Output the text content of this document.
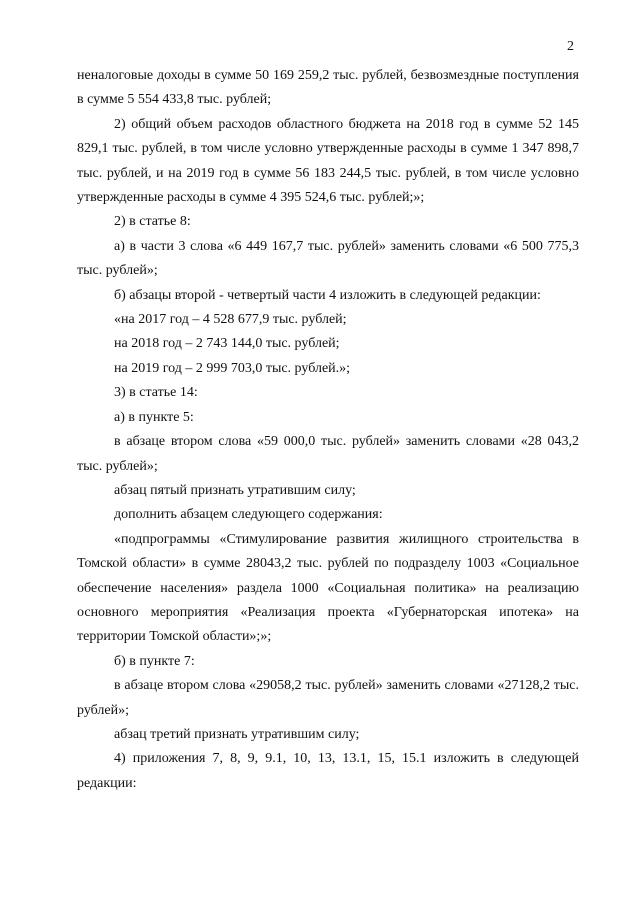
2

неналоговые доходы в сумме 50 169 259,2 тыс. рублей, безвозмездные поступления в сумме 5 554 433,8 тыс. рублей;

2) общий объем расходов областного бюджета на 2018 год в сумме 52 145 829,1 тыс. рублей, в том числе условно утвержденные расходы в сумме 1 347 898,7 тыс. рублей, и на 2019 год в сумме 56 183 244,5 тыс. рублей, в том числе условно утвержденные расходы в сумме 4 395 524,6 тыс. рублей;»;

2) в статье 8:

а) в части 3 слова «6 449 167,7 тыс. рублей» заменить словами «6 500 775,3 тыс. рублей»;

б) абзацы второй - четвертый части 4 изложить в следующей редакции:

«на 2017 год – 4 528 677,9 тыс. рублей;

на 2018 год – 2 743 144,0 тыс. рублей;

на 2019 год – 2 999 703,0 тыс. рублей.»;

3) в статье 14:

а) в пункте 5:

в абзаце втором слова «59 000,0 тыс. рублей» заменить словами «28 043,2 тыс. рублей»;

абзац пятый признать утратившим силу;

дополнить абзацем следующего содержания:

«подпрограммы «Стимулирование развития жилищного строительства в Томской области» в сумме 28043,2 тыс. рублей по подразделу 1003 «Социальное обеспечение населения» раздела 1000 «Социальная политика» на реализацию основного мероприятия «Реализация проекта «Губернаторская ипотека» на территории Томской области»;»;

б) в пункте 7:

в абзаце втором слова «29058,2 тыс. рублей» заменить словами «27128,2 тыс. рублей»;

абзац третий признать утратившим силу;

4) приложения 7, 8, 9, 9.1, 10, 13, 13.1, 15, 15.1 изложить в следующей редакции:
